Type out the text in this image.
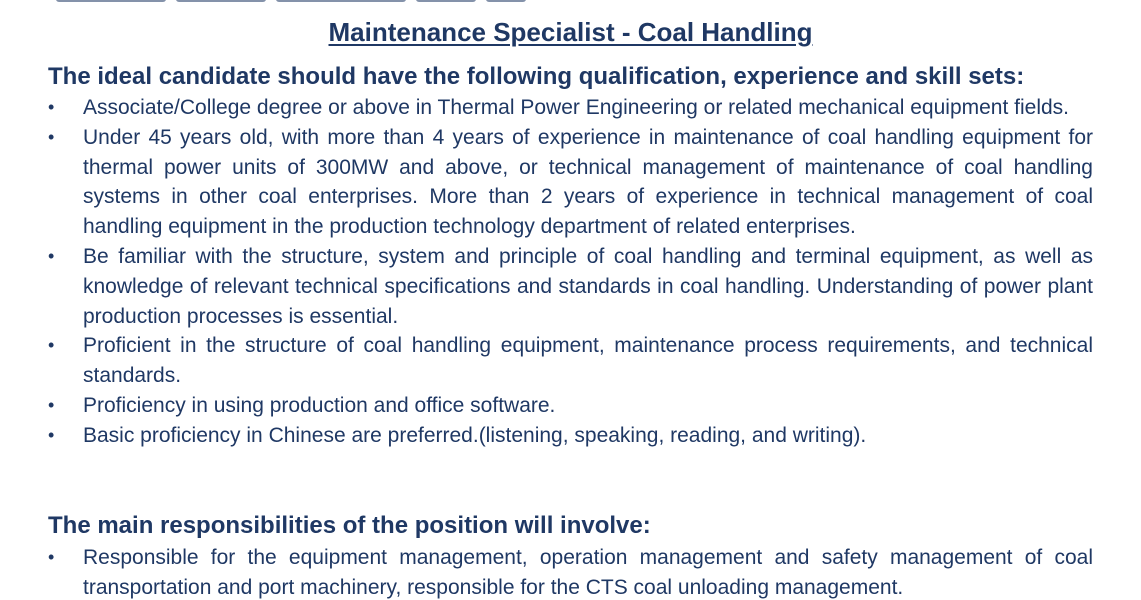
Maintenance Specialist - Coal Handling
The ideal candidate should have the following qualification, experience and skill sets:
• Associate/College degree or above in Thermal Power Engineering or related mechanical equipment fields.
• Under 45 years old, with more than 4 years of experience in maintenance of coal handling equipment for thermal power units of 300MW and above, or technical management of maintenance of coal handling systems in other coal enterprises. More than 2 years of experience in technical management of coal handling equipment in the production technology department of related enterprises.
• Be familiar with the structure, system and principle of coal handling and terminal equipment, as well as knowledge of relevant technical specifications and standards in coal handling. Understanding of power plant production processes is essential.
• Proficient in the structure of coal handling equipment, maintenance process requirements, and technical standards.
• Proficiency in using production and office software.
• Basic proficiency in Chinese are preferred.(listening, speaking, reading, and writing).
The main responsibilities of the position will involve:
• Responsible for the equipment management, operation management and safety management of coal transportation and port machinery, responsible for the CTS coal unloading management.
